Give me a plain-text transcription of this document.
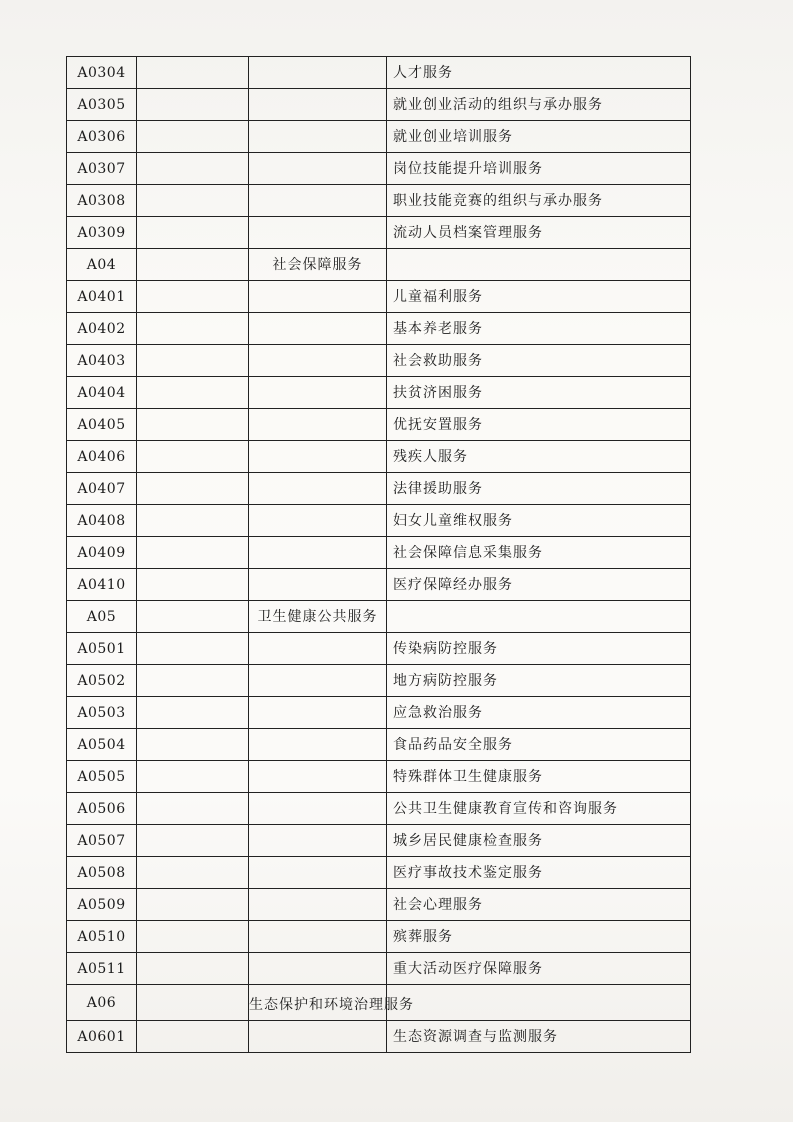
A0304			人才服务
A0305			就业创业活动的组织与承办服务
A0306			就业创业培训服务
A0307			岗位技能提升培训服务
A0308			职业技能竞赛的组织与承办服务
A0309			流动人员档案管理服务
A04		社会保障服务	
A0401			儿童福利服务
A0402			基本养老服务
A0403			社会救助服务
A0404			扶贫济困服务
A0405			优抚安置服务
A0406			残疾人服务
A0407			法律援助服务
A0408			妇女儿童维权服务
A0409			社会保障信息采集服务
A0410			医疗保障经办服务
A05		卫生健康公共服务	
A0501			传染病防控服务
A0502			地方病防控服务
A0503			应急救治服务
A0504			食品药品安全服务
A0505			特殊群体卫生健康服务
A0506			公共卫生健康教育宣传和咨询服务
A0507			城乡居民健康检查服务
A0508			医疗事故技术鉴定服务
A0509			社会心理服务
A0510			殡葬服务
A0511			重大活动医疗保障服务
A06		生态保护和环境治理服务	
A0601			生态资源调查与监测服务
